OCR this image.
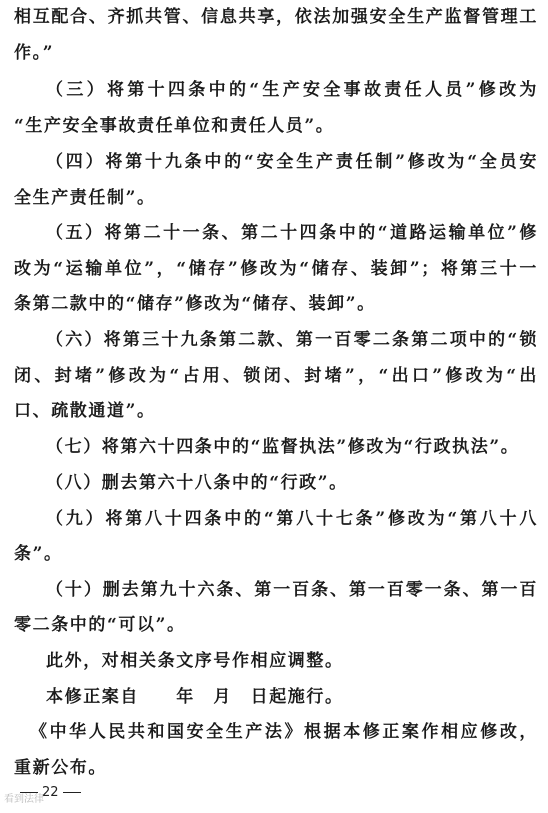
相互配合、齐抓共管、信息共享，依法加强安全生产监督管理工
作。”
（三）将第十四条中的“生产安全事故责任人员”修改为
“生产安全事故责任单位和责任人员”。
（四）将第十九条中的“安全生产责任制”修改为“全员安
全生产责任制”。
（五）将第二十一条、第二十四条中的“道路运输单位”修
改为“运输单位”，“储存”修改为“储存、装卸”；将第三十一
条第二款中的“储存”修改为“储存、装卸”。
（六）将第三十九条第二款、第一百零二条第二项中的“锁
闭、封堵”修改为“占用、锁闭、封堵”，“出口”修改为“出
口、疏散通道”。
（七）将第六十四条中的“监督执法”修改为“行政执法”。
（八）删去第六十八条中的“行政”。
（九）将第八十四条中的“第八十七条”修改为“第八十八
条”。
（十）删去第九十六条、第一百条、第一百零一条、第一百
零二条中的“可以”。
此外，对相关条文序号作相应调整。
本修正案自　　年　月　日起施行。
《中华人民共和国安全生产法》根据本修正案作相应修改，
重新公布。
22
看到法律
